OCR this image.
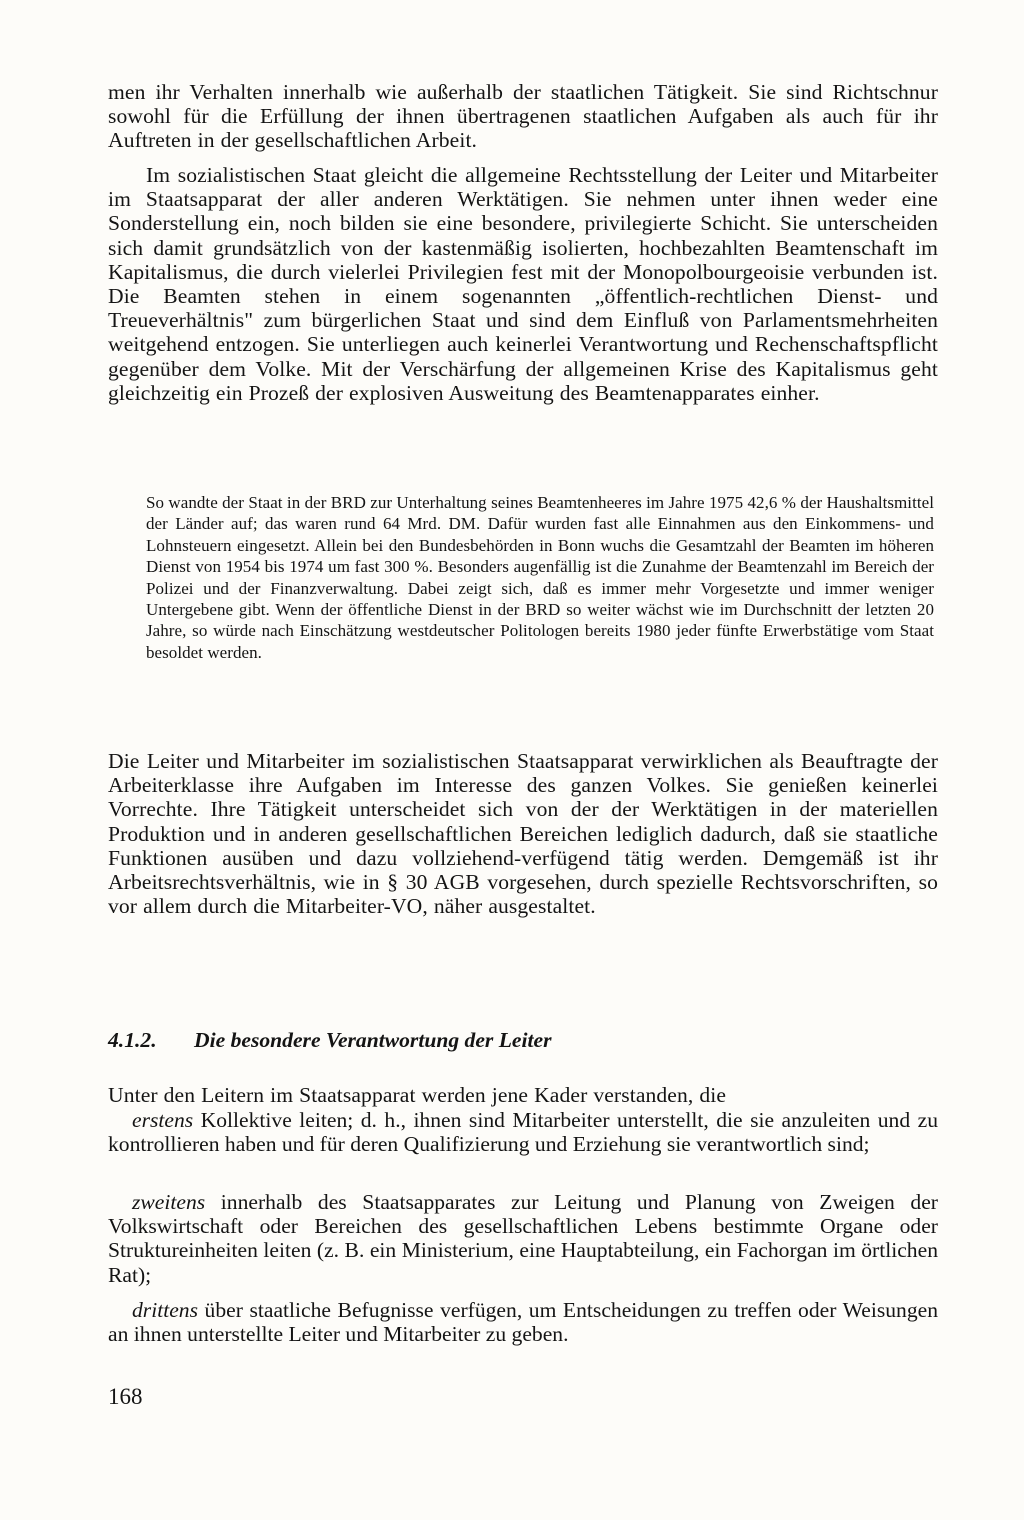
men ihr Verhalten innerhalb wie außerhalb der staatlichen Tätigkeit. Sie sind Richtschnur sowohl für die Erfüllung der ihnen übertragenen staatlichen Aufgaben als auch für ihr Auftreten in der gesellschaftlichen Arbeit.

Im sozialistischen Staat gleicht die allgemeine Rechtsstellung der Leiter und Mitarbeiter im Staatsapparat der aller anderen Werktätigen. Sie nehmen unter ihnen weder eine Sonderstellung ein, noch bilden sie eine besondere, privilegierte Schicht. Sie unterscheiden sich damit grundsätzlich von der kastenmäßig isolierten, hochbezahlten Beamtenschaft im Kapitalismus, die durch vielerlei Privilegien fest mit der Monopolbourgeoisie verbunden ist. Die Beamten stehen in einem sogenannten „öffentlich-rechtlichen Dienst- und Treueverhältnis" zum bürgerlichen Staat und sind dem Einfluß von Parlamentsmehrheiten weitgehend entzogen. Sie unterliegen auch keinerlei Verantwortung und Rechenschaftspflicht gegenüber dem Volke. Mit der Verschärfung der allgemeinen Krise des Kapitalismus geht gleichzeitig ein Prozeß der explosiven Ausweitung des Beamtenapparates einher.

So wandte der Staat in der BRD zur Unterhaltung seines Beamtenheeres im Jahre 1975 42,6 % der Haushaltsmittel der Länder auf; das waren rund 64 Mrd. DM. Dafür wurden fast alle Einnahmen aus den Einkommens- und Lohnsteuern eingesetzt. Allein bei den Bundesbehörden in Bonn wuchs die Gesamtzahl der Beamten im höheren Dienst von 1954 bis 1974 um fast 300 %. Besonders augenfällig ist die Zunahme der Beamtenzahl im Bereich der Polizei und der Finanzverwaltung. Dabei zeigt sich, daß es immer mehr Vorgesetzte und immer weniger Untergebene gibt. Wenn der öffentliche Dienst in der BRD so weiter wächst wie im Durchschnitt der letzten 20 Jahre, so würde nach Einschätzung westdeutscher Politologen bereits 1980 jeder fünfte Erwerbstätige vom Staat besoldet werden.

Die Leiter und Mitarbeiter im sozialistischen Staatsapparat verwirklichen als Beauftragte der Arbeiterklasse ihre Aufgaben im Interesse des ganzen Volkes. Sie genießen keinerlei Vorrechte. Ihre Tätigkeit unterscheidet sich von der der Werktätigen in der materiellen Produktion und in anderen gesellschaftlichen Bereichen lediglich dadurch, daß sie staatliche Funktionen ausüben und dazu vollziehend-verfügend tätig werden. Demgemäß ist ihr Arbeitsrechtsverhältnis, wie in § 30 AGB vorgesehen, durch spezielle Rechtsvorschriften, so vor allem durch die Mitarbeiter-VO, näher ausgestaltet.

4.1.2. Die besondere Verantwortung der Leiter

Unter den Leitern im Staatsapparat werden jene Kader verstanden, die

erstens Kollektive leiten; d. h., ihnen sind Mitarbeiter unterstellt, die sie anzuleiten und zu kontrollieren haben und für deren Qualifizierung und Erziehung sie verantwortlich sind;

zweitens innerhalb des Staatsapparates zur Leitung und Planung von Zweigen der Volkswirtschaft oder Bereichen des gesellschaftlichen Lebens bestimmte Organe oder Struktureinheiten leiten (z. B. ein Ministerium, eine Hauptabteilung, ein Fachorgan im örtlichen Rat);

drittens über staatliche Befugnisse verfügen, um Entscheidungen zu treffen oder Weisungen an ihnen unterstellte Leiter und Mitarbeiter zu geben.

168
